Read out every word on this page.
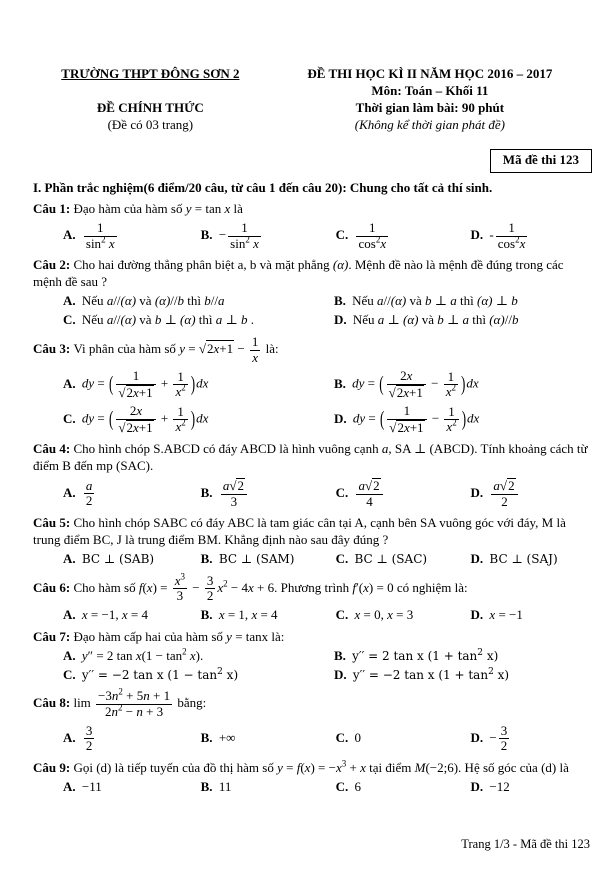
TRƯỜNG THPT ĐÔNG SƠN 2
ĐỀ CHÍNH THỨC
(Đề có 03 trang)
ĐỀ THI HỌC KÌ II NĂM HỌC 2016 – 2017
Môn: Toán – Khối 11
Thời gian làm bài: 90 phút
(Không kể thời gian phát đề)
Mã đề thi 123
I. Phần trắc nghiệm(6 điểm/20 câu, từ câu 1 đến câu 20): Chung cho tất cả thí sinh.
Câu 1: Đạo hàm của hàm số y = tan x là
A. $\frac{1}{\sin^2 x}$	B. − $\frac{1}{\sin^2 x}$	C. $\frac{1}{\cos^2x}$	D. - $\frac{1}{\cos^2x}$
Câu 2: Cho hai đường thẳng phân biệt a, b và mặt phẳng (α). Mệnh đề nào là mệnh đề đúng trong các mệnh đề sau ?
A. Nếu a//(α) và (α)//b thì b//a	B. Nếu a//(α) và b ⊥ a thì (α) ⊥ b
C. Nếu a//(α) và b ⊥ (α) thì a ⊥ b .	D. Nếu a ⊥ (α) và b ⊥ a thì (α)//b
Câu 3: Vi phân của hàm số $y = √2x+1 - \frac{1}{x}$ là:
A. dy = ( $\frac{1}{√2x+1} + \frac{1}{x^2} )dx$	B. dy = ( $\frac{2x}{√2x+1} - \frac{1}{x^2} )dx$
C. dy = ( $\frac{2x}{√2x+1} + \frac{1}{x^2} )dx$	D. dy = ( $\frac{1}{√2x+1} - \frac{1}{x^2} )dx$
Câu 4: Cho hình chóp S.ABCD có đáy ABCD là hình vuông cạnh a, SA ⊥ (ABCD). Tính khoảng cách từ điểm B đến mp (SAC).
A. $\frac{a}{2}$	B. $\frac{a√2}{3}$	C. $\frac{a√2}{4}$	D. $\frac{a√2}{2}$
Câu 5: Cho hình chóp SABC có đáy ABC là tam giác cân tại A, cạnh bên SA vuông góc với đáy, M là trung điểm BC, J là trung điểm BM. Khẳng định nào sau đây đúng ?
A. BC ⊥ (SAB)	B. BC ⊥ (SAM)	C. BC ⊥ (SAC)	D. BC ⊥ (SAJ)
Câu 6: Cho hàm số $f(x) = \frac{x^3}{3} - \frac{3}{2} x^2 - 4x + 6$. Phương trình f′(x) = 0 có nghiệm là:
A. x = −1, x = 4	B. x = 1, x = 4	C. x = 0, x = 3	D. x = −1
Câu 7: Đạo hàm cấp hai của hàm số y = tanx là:
A. y″ = 2 $\tan x(1 - \tan^2 x)$.	B. y′′ = 2 tan x $(1 + \tan^2 x)$
C. y′′ = −2 tan x $(1 - \tan^2 x)$	D. y′′ = −2 tan x $(1 + \tan^2 x)$
Câu 8: $\lim \frac{-3n^2 + 5n + 1}{2n^2 - n + 3}$ bằng:
A. $\frac{3}{2}$	B. +∞	C. 0	D. − $\frac{3}{2}$
Câu 9: Gọi (d) là tiếp tuyến của đồ thị hàm số $y = f(x) = -x^3 + x$ tại điểm M(−2;6). Hệ số góc của (d) là
A. −11	B. 11	C. 6	D. −12
Trang 1/3 - Mã đề thi 123
